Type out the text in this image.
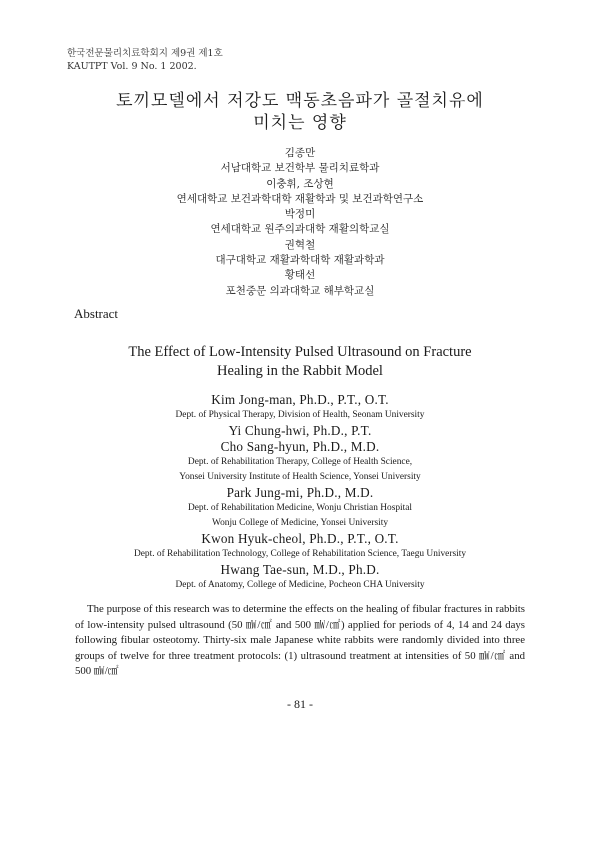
한국전문물리치료학회지 제9권 제1호
KAUTPT Vol. 9 No. 1 2002.
토끼모델에서 저강도 맥동초음파가 골절치유에
미치는 영향
김종만
서남대학교 보건학부 물리치료학과
이충휘, 조상현
연세대학교 보건과학대학 재활학과 및 보건과학연구소
박정미
연세대학교 원주의과대학 재활의학교실
권혁철
대구대학교 재활과학대학 재활과학과
황태선
포천중문 의과대학교 해부학교실
Abstract
The Effect of Low-Intensity Pulsed Ultrasound on Fracture
Healing in the Rabbit Model
Kim Jong-man, Ph.D., P.T., O.T.
Dept. of Physical Therapy, Division of Health, Seonam University
Yi Chung-hwi, Ph.D., P.T.
Cho Sang-hyun, Ph.D., M.D.
Dept. of Rehabilitation Therapy, College of Health Science,
Yonsei University Institute of Health Science, Yonsei University
Park Jung-mi, Ph.D., M.D.
Dept. of Rehabilitation Medicine, Wonju Christian Hospital
Wonju College of Medicine, Yonsei University
Kwon Hyuk-cheol, Ph.D., P.T., O.T.
Dept. of Rehabilitation Technology, College of Rehabilitation Science, Taegu University
Hwang Tae-sun, M.D., Ph.D.
Dept. of Anatomy, College of Medicine, Pocheon CHA University

The purpose of this research was to determine the effects on the healing of fibular fractures in rabbits of low-intensity pulsed ultrasound (50 ㎽/㎠ and 500 ㎽/㎠) applied for periods of 4, 14 and 24 days following fibular osteotomy. Thirty-six male Japanese white rabbits were randomly divided into three groups of twelve for three treatment protocols: (1) ultrasound treatment at intensities of 50 ㎽/㎠ and 500 ㎽/㎠

- 81 -
